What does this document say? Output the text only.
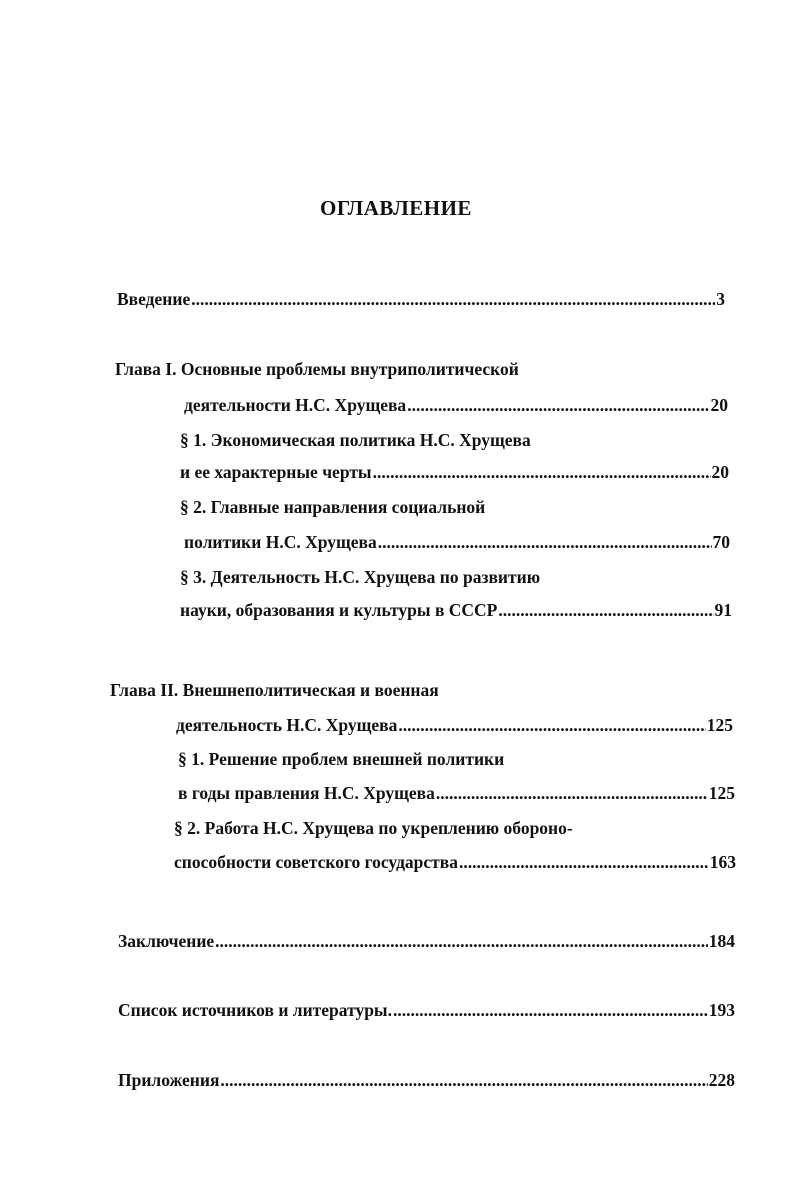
ОГЛАВЛЕНИЕ
Введение .....	3
Глава I. Основные проблемы внутриполитической
деятельности Н.С. Хрущева .....	20
§ 1. Экономическая политика Н.С. Хрущева
и ее характерные черты .....	20
§ 2. Главные направления социальной
политики Н.С. Хрущева .....	70
§ 3. Деятельность Н.С. Хрущева по развитию
науки, образования и культуры в СССР .....	91
Глава II. Внешнеполитическая и военная
деятельность Н.С. Хрущева .....	125
§ 1. Решение проблем внешней политики
в годы правления Н.С. Хрущева .....	125
§ 2. Работа Н.С. Хрущева по укреплению обороно-
способности советского государства .....	163
Заключение .....	184
Список источников и литературы. .....	193
Приложения .....	228
